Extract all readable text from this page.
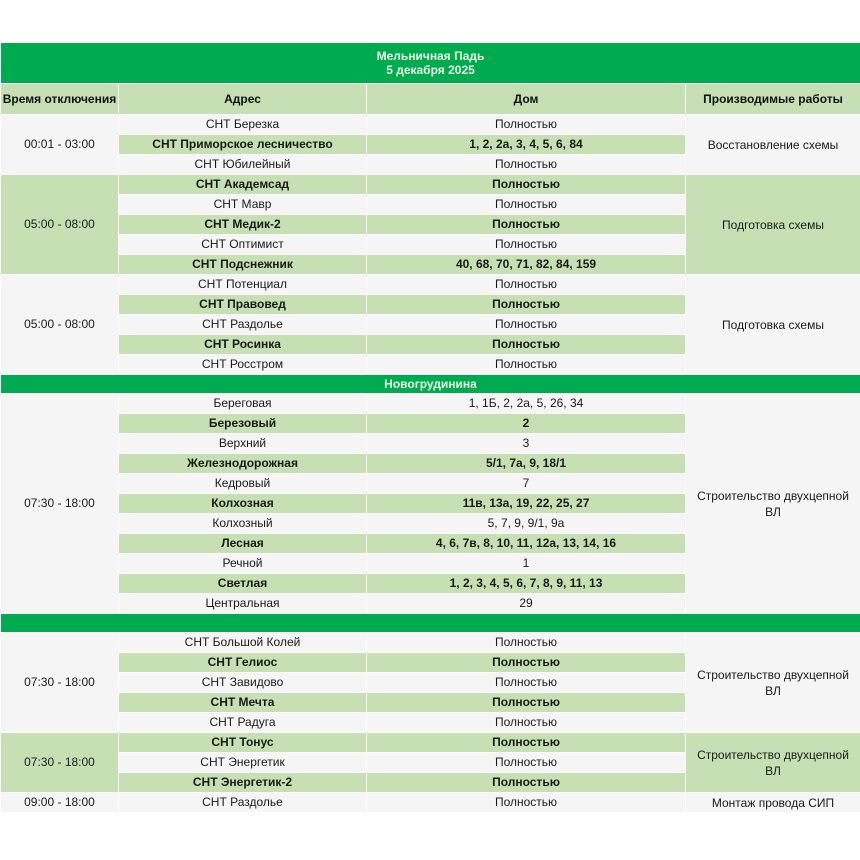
Мельничная Падь
5 декабря 2025			

Время отключения	Адрес	Дом	Производимые работы
00:01 - 03:00	СНТ Березка	Полностью	Восстановление схемы
	СНТ Приморское лесничество	1, 2, 2а, 3, 4, 5, 6, 84	
	СНТ Юбилейный	Полностью	
05:00 - 08:00	СНТ Академсад	Полностью	Подготовка схемы
	СНТ Мавр	Полностью	
	СНТ Медик-2	Полностью	
	СНТ Оптимист	Полностью	
	СНТ Подснежник	40, 68, 70, 71, 82, 84, 159	
05:00 - 08:00	СНТ Потенциал	Полностью	Подготовка схемы
	СНТ Правовед	Полностью	
	СНТ Раздолье	Полностью	
	СНТ Росинка	Полностью	
	СНТ Росстром	Полностью	
Новогрудинина			
07:30 - 18:00	Береговая	1, 1Б, 2, 2а, 5, 26, 34	Строительство двухцепной ВЛ
	Березовый	2	
	Верхний	3	
	Железнодорожная	5/1, 7а, 9, 18/1	
	Кедровый	7	
	Колхозная	11в, 13а, 19, 22, 25, 27	
	Колхозный	5, 7, 9, 9/1, 9а	
	Лесная	4, 6, 7в, 8, 10, 11, 12а, 13, 14, 16	
	Речной	1	
	Светлая	1, 2, 3, 4, 5, 6, 7, 8, 9, 11, 13	
	Центральная	29	

07:30 - 18:00	СНТ Большой Колей	Полностью	Строительство двухцепной ВЛ
	СНТ Гелиос	Полностью	
	СНТ Завидово	Полностью	
	СНТ Мечта	Полностью	
	СНТ Радуга	Полностью	
07:30 - 18:00	СНТ Тонус	Полностью	Строительство двухцепной ВЛ
	СНТ Энергетик	Полностью	
	СНТ Энергетик-2	Полностью	
09:00 - 18:00	СНТ Раздолье	Полностью	Монтаж провода СИП
